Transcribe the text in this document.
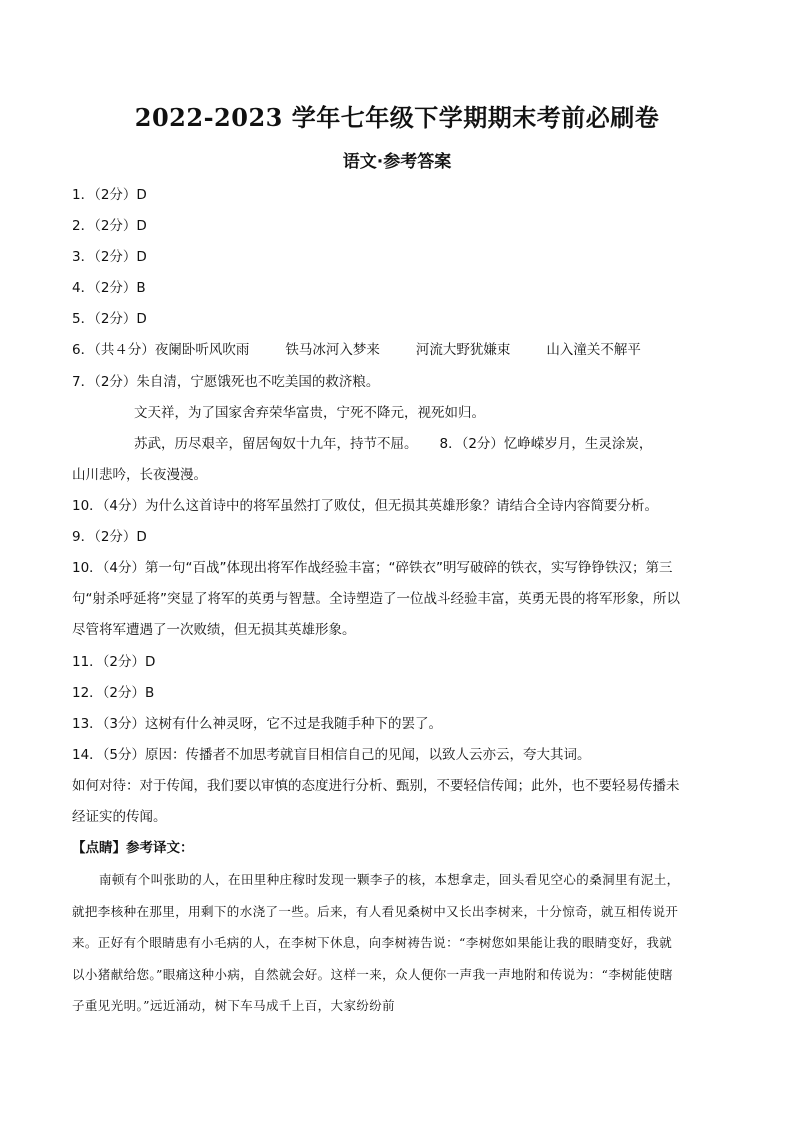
2022-2023 学年七年级下学期期末考前必刷卷
语文·参考答案
1．（2分）D
2．（2分）D
3．（2分）D
4．（2分）B
5．（2分）D
6．（共４分）夜阑卧听风吹雨	铁马冰河入梦来	河流大野犹嫌束	山入潼关不解平
7．（2分）朱自清，宁愿饿死也不吃美国的救济粮。
文天祥，为了国家舍弃荣华富贵，宁死不降元，视死如归。
苏武，历尽艰辛，留居匈奴十九年，持节不屈。 8．（2分）忆峥嵘岁月，生灵涂炭，
山川悲吟，长夜漫漫。
10．（4分）为什么这首诗中的将军虽然打了败仗，但无损其英雄形象？请结合全诗内容简要分析。
9．（2分）D
10．（4分）第一句“百战”体现出将军作战经验丰富；“碎铁衣”明写破碎的铁衣，实写铮铮铁汉；第三句“射杀呼延将”突显了将军的英勇与智慧。全诗塑造了一位战斗经验丰富，英勇无畏的将军形象，所以尽管将军遭遇了一次败绩，但无损其英雄形象。
11．（2分）D
12．（2分）B
13．（3分）这树有什么神灵呀，它不过是我随手种下的罢了。
14．（5分）原因：传播者不加思考就盲目相信自己的见闻，以致人云亦云，夸大其词。
如何对待：对于传闻，我们要以审慎的态度进行分析、甄别，不要轻信传闻；此外，也不要轻易传播未经证实的传闻。
【点睛】参考译文：
南顿有个叫张助的人，在田里种庄稼时发现一颗李子的核，本想拿走，回头看见空心的桑洞里有泥土，就把李核种在那里，用剩下的水浇了一些。后来，有人看见桑树中又长出李树来，十分惊奇，就互相传说开来。正好有个眼睛患有小毛病的人，在李树下休息，向李树祷告说：“李树您如果能让我的眼睛变好，我就以小猪献给您。”眼痛这种小病，自然就会好。这样一来，众人便你一声我一声地附和传说为：“李树能使瞎子重见光明。”远近涌动，树下车马成千上百，大家纷纷前
